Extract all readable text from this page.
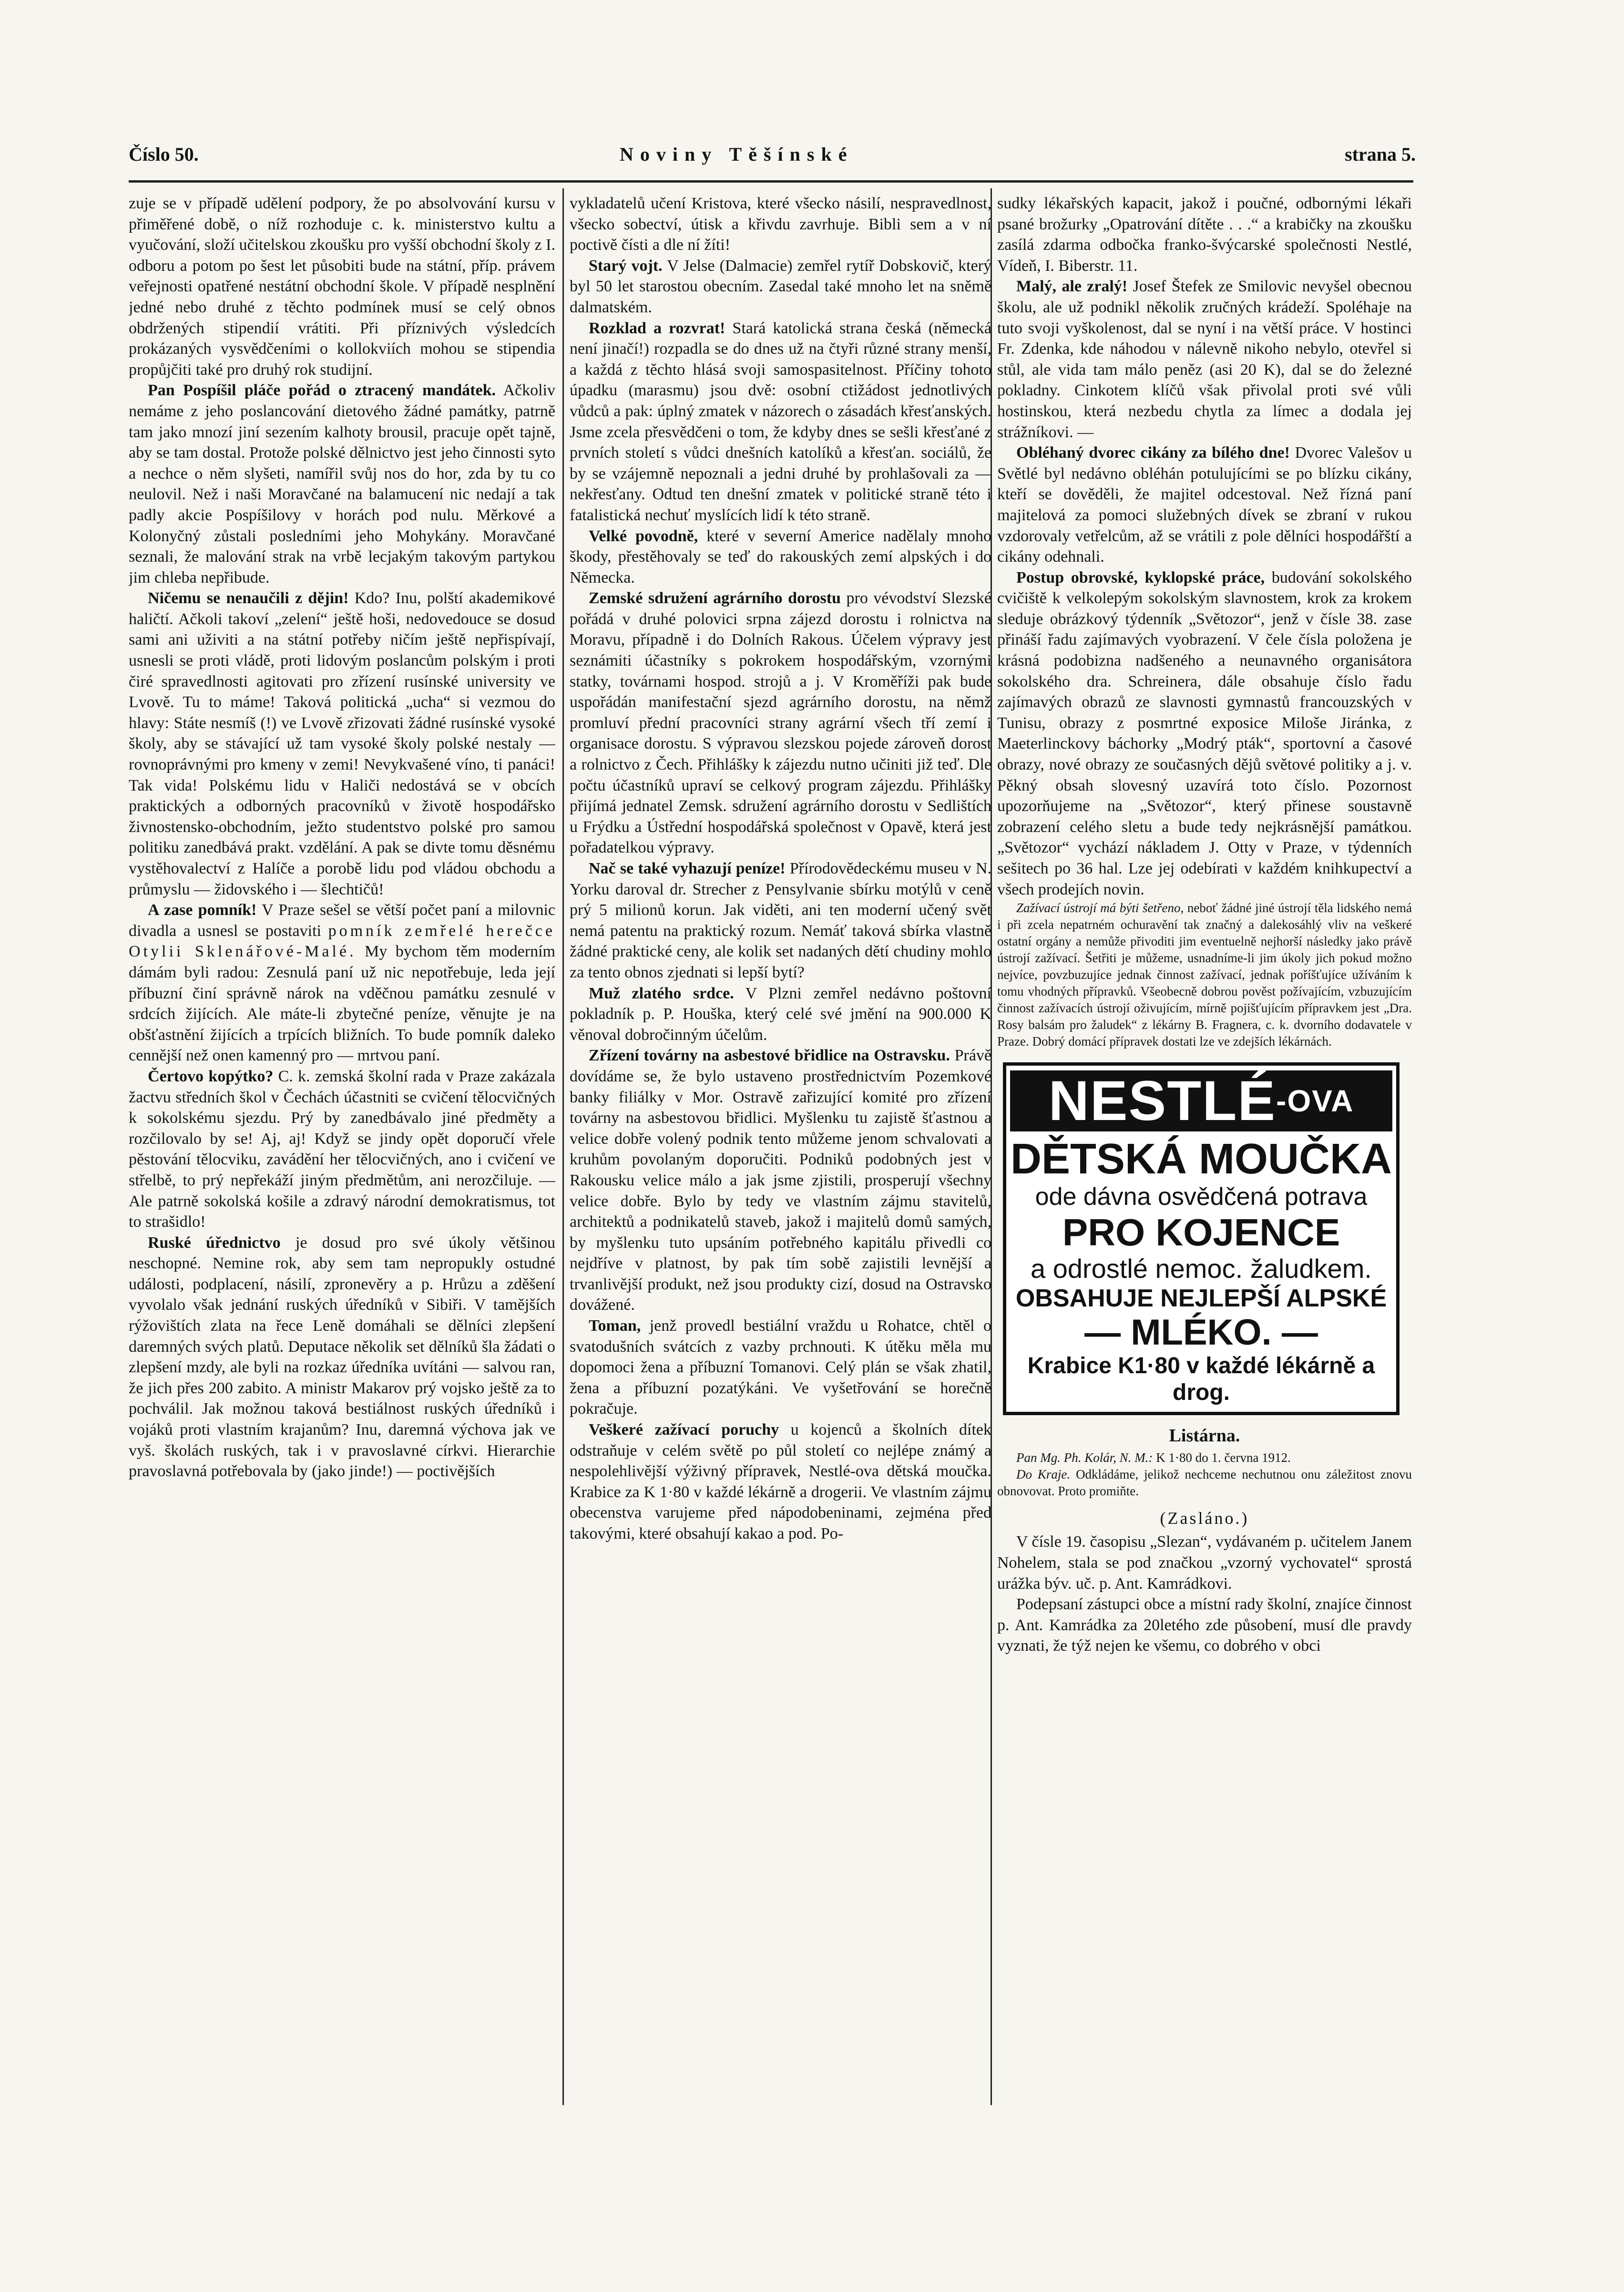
Číslo 50.	Noviny Těšínské	strana 5.

zuje se v případě udělení podpory, že po absolvování kursu v přiměřené době, o níž rozhoduje c. k. ministerstvo kultu a vyučování, složí učitelskou zkoušku pro vyšší obchodní školy z I. odboru a potom po šest let působiti bude na státní, příp. právem veřejnosti opatřené nestátní obchodní škole. V případě nesplnění jedné nebo druhé z těchto podmínek musí se celý obnos obdržených stipendií vrátiti. Při příznivých výsledcích prokázaných vysvědčeními o kollokviích mohou se stipendia propůjčiti také pro druhý rok studijní.

Pan Pospíšil pláče pořád o ztracený mandátek. Ačkoliv nemáme z jeho poslancování dietového žádné památky, patrně tam jako mnozí jiní sezením kalhoty brousil, pracuje opět tajně, aby se tam dostal. Protože polské dělnictvo jest jeho činnosti syto a nechce o něm slyšeti, namířil svůj nos do hor, zda by tu co neulovil. Než i naši Moravčané na balamucení nic nedají a tak padly akcie Pospíšilovy v horách pod nulu. Měrkové a Kolonyčný zůstali posledními jeho Mohykány. Moravčané seznali, že malování strak na vrbě lecjakým takovým partykou jim chleba nepřibude.

Ničemu se nenaučili z dějin! Kdo? Inu, polští akademikové haličtí. Ačkoli takoví „zelení“ ještě hoši, nedovedouce se dosud sami ani uživiti a na státní potřeby ničím ještě nepřispívají, usnesli se proti vládě, proti lidovým poslancům polským i proti čiré spravedlnosti agitovati pro zřízení rusínské university ve Lvově. Tu to máme! Taková politická „ucha“ si vezmou do hlavy: Státe nesmíš (!) ve Lvově zřizovati žádné rusínské vysoké školy, aby se stávající už tam vysoké školy polské nestaly — rovnoprávnými pro kmeny v zemi! Nevykvašené víno, ti panáci! Tak vida! Polskému lidu v Haliči nedostává se v obcích praktických a odborných pracovníků v životě hospodářsko živnostensko-obchodním, ježto studentstvo polské pro samou politiku zanedbává prakt. vzdělání. A pak se divte tomu děsnému vystěhovalectví z Halíče a porobě lidu pod vládou obchodu a průmyslu — židovského i — šlechtičů!

A zase pomník! V Praze sešel se větší počet paní a milovnic divadla a usnesl se postaviti pomník zemřelé herečce Otylii Sklenářové-Malé. My bychom těm moderním dámám byli radou: Zesnulá paní už nic nepotřebuje, leda její příbuzní činí správně nárok na vděčnou památku zesnulé v srdcích žijících. Ale máte-li zbytečné peníze, věnujte je na obšťastnění žijících a trpících bližních. To bude pomník daleko cennější než onen kamenný pro — mrtvou paní.

Čertovo kopýtko? C. k. zemská školní rada v Praze zakázala žactvu středních škol v Čechách účastniti se cvičení tělocvičných k sokolskému sjezdu. Prý by zanedbávalo jiné předměty a rozčilovalo by se! Aj, aj! Když se jindy opět doporučí vřele pěstování tělocviku, zavádění her tělocvičných, ano i cvičení ve střelbě, to prý nepřekáží jiným předmětům, ani nerozčiluje. — Ale patrně sokolská košile a zdravý národní demokratismus, tot to strašidlo!

Ruské úřednictvo je dosud pro své úkoly většinou neschopné. Nemine rok, aby sem tam nepropukly ostudné události, podplacení, násilí, zpronevěry a p. Hrůzu a zděšení vyvolalo však jednání ruských úředníků v Sibiři. V tamějších rýžovištích zlata na řece Leně domáhali se dělníci zlepšení daremných svých platů. Deputace několik set dělníků šla žádati o zlepšení mzdy, ale byli na rozkaz úředníka uvítáni — salvou ran, že jich přes 200 zabito. A ministr Makarov prý vojsko ještě za to pochválil. Jak možnou taková bestiálnost ruských úředníků i vojáků proti vlastním krajanům? Inu, daremná výchova jak ve vyš. školách ruských, tak i v pravoslavné církvi. Hierarchie pravoslavná potřebovala by (jako jinde!) — poctivějších

vykladatelů učení Kristova, které všecko násilí, nespravedlnost, všecko sobectví, útisk a křivdu zavrhuje. Bibli sem a v ní poctivě čísti a dle ní žíti!

Starý vojt. V Jelse (Dalmacie) zemřel rytíř Dobskovič, který byl 50 let starostou obecním. Zasedal také mnoho let na sněmě dalmatském.

Rozklad a rozvrat! Stará katolická strana česká (německá není jinačí!) rozpadla se do dnes už na čtyři různé strany menší, a každá z těchto hlásá svoji samospasitelnost. Příčiny tohoto úpadku (marasmu) jsou dvě: osobní ctižádost jednotlivých vůdců a pak: úplný zmatek v názorech o zásadách křesťanských. Jsme zcela přesvědčeni o tom, že kdyby dnes se sešli křesťané z prvních století s vůdci dnešních katolíků a křesťan. sociálů, že by se vzájemně nepoznali a jedni druhé by prohlašovali za — nekřesťany. Odtud ten dnešní zmatek v politické straně této i fatalistická nechuť myslících lidí k této straně.

Velké povodně, které v severní Americe nadělaly mnoho škody, přestěhovaly se teď do rakouských zemí alpských i do Německa.

Zemské sdružení agrárního dorostu pro vévodství Slezské pořádá v druhé polovici srpna zájezd dorostu i rolnictva na Moravu, případně i do Dolních Rakous. Účelem výpravy jest seznámiti účastníky s pokrokem hospodářským, vzornými statky, továrnami hospod. strojů a j. V Kroměříži pak bude uspořádán manifestační sjezd agrárního dorostu, na němž promluví přední pracovníci strany agrární všech tří zemí i organisace dorostu. S výpravou slezskou pojede zároveň dorost a rolnictvo z Čech. Přihlášky k zájezdu nutno učiniti již teď. Dle počtu účastníků upraví se celkový program zájezdu. Přihlášky přijímá jednatel Zemsk. sdružení agrárního dorostu v Sedlištích u Frýdku a Ústřední hospodářská společnost v Opavě, která jest pořadatelkou výpravy.

Nač se také vyhazují peníze! Přírodovědeckému museu v N. Yorku daroval dr. Strecher z Pensylvanie sbírku motýlů v ceně prý 5 milionů korun. Jak viděti, ani ten moderní učený svět nemá patentu na praktický rozum. Nemáť taková sbírka vlastně žádné praktické ceny, ale kolik set nadaných dětí chudiny mohlo za tento obnos zjednati si lepší bytí?

Muž zlatého srdce. V Plzni zemřel nedávno poštovní pokladník p. P. Houška, který celé své jmění na 900.000 K věnoval dobročinným účelům.

Zřízení továrny na asbestové břidlice na Ostravsku. Právě dovídáme se, že bylo ustaveno prostřednictvím Pozemkové banky filiálky v Mor. Ostravě zařizující komité pro zřízení továrny na asbestovou břidlici. Myšlenku tu zajistě šťastnou a velice dobře volený podnik tento můžeme jenom schvalovati a kruhům povolaným doporučiti. Podniků podobných jest v Rakousku velice málo a jak jsme zjistili, prosperují všechny velice dobře. Bylo by tedy ve vlastním zájmu stavitelů, architektů a podnikatelů staveb, jakož i majitelů domů samých, by myšlenku tuto upsáním potřebného kapitálu přivedli co nejdříve v platnost, by pak tím sobě zajistili levnější a trvanlivější produkt, než jsou produkty cizí, dosud na Ostravsko dovážené.

Toman, jenž provedl bestiální vraždu u Rohatce, chtěl o svatodušních svátcích z vazby prchnouti. K útěku měla mu dopomoci žena a příbuzní Tomanovi. Celý plán se však zhatil, žena a příbuzní pozatýkáni. Ve vyšetřování se horečně pokračuje.

Veškeré zažívací poruchy u kojenců a školních dítek odstraňuje v celém světě po půl století co nejlépe známý a nespolehlivější výživný přípravek, Nestlé-ova dětská moučka. Krabice za K 1·80 v každé lékárně a drogerii. Ve vlastním zájmu obecenstva varujeme před nápodobeninami, zejména před takovými, které obsahují kakao a pod. Po-

sudky lékařských kapacit, jakož i poučné, odbornými lékaři psané brožurky „Opatrování dítěte . . .“ a krabičky na zkoušku zasílá zdarma odbočka franko-švýcarské společnosti Nestlé, Vídeň, I. Biberstr. 11.

Malý, ale zralý! Josef Štefek ze Smilovic nevyšel obecnou školu, ale už podnikl několik zručných krádeží. Spoléhaje na tuto svoji vyškolenost, dal se nyní i na větší práce. V hostinci Fr. Zdenka, kde náhodou v nálevně nikoho nebylo, otevřel si stůl, ale vida tam málo peněz (asi 20 K), dal se do železné pokladny. Cinkotem klíčů však přivolal proti své vůli hostinskou, která nezbedu chytla za límec a dodala jej strážníkovi. —

Obléhaný dvorec cikány za bílého dne! Dvorec Valešov u Světlé byl nedávno obléhán potulujícími se po blízku cikány, kteří se dověděli, že majitel odcestoval. Než řízná paní majitelová za pomoci služebných dívek se zbraní v rukou vzdorovaly vetřelcům, až se vrátili z pole dělníci hospodářští a cikány odehnali.

Postup obrovské, kyklopské práce, budování sokolského cvičiště k velkolepým sokolským slavnostem, krok za krokem sleduje obrázkový týdenník „Světozor“, jenž v čísle 38. zase přináší řadu zajímavých vyobrazení. V čele čísla položena je krásná podobizna nadšeného a neunavného organisátora sokolského dra. Schreinera, dále obsahuje číslo řadu zajímavých obrazů ze slavnosti gymnastů francouzských v Tunisu, obrazy z posmrtné exposice Miloše Jiránka, z Maeterlinckovy báchorky „Modrý pták“, sportovní a časové obrazy, nové obrazy ze současných dějů světové politiky a j. v. Pěkný obsah slovesný uzavírá toto číslo. Pozornost upozorňujeme na „Světozor“, který přinese soustavně zobrazení celého sletu a bude tedy nejkrásnější památkou. „Světozor“ vychází nákladem J. Otty v Praze, v týdenních sešitech po 36 hal. Lze jej odebírati v každém knihkupectví a všech prodejích novin.

Zažívací ústrojí má býti šetřeno, neboť žádné jiné ústrojí těla lidského nemá i při zcela nepatrném ochuravění tak značný a dalekosáhlý vliv na veškeré ostatní orgány a nemůže přivoditi jim eventuelně nejhorší následky jako právě ústrojí zažívací. Šetřiti je můžeme, usnadníme-li jim úkoly jich pokud možno nejvíce, povzbuzujíce jednak činnost zažívací, jednak poříšťujíce užíváním k tomu vhodných přípravků. Všeobecně dobrou pověst požívajícím, vzbuzujícím činnost zažívacích ústrojí oživujícím, mírně pojišťujícím přípravkem jest „Dra. Rosy balsám pro žaludek“ z lékárny B. Fragnera, c. k. dvorního dodavatele v Praze. Dobrý domácí přípravek dostati lze ve zdejších lékárnách.

$NESTLÉ^{-OVA}$
DĚTSKÁ MOUČKA
ode dávna osvědčená potrava
PRO KOJENCE
a odrostlé nemoc. žaludkem.
OBSAHUJE NEJLEPŠÍ ALPSKÉ
— MLÉKO. —
Krabice K1·80 v každé lékárně a drog.
Listárna.

Pan Mg. Ph. Kolár, N. M.: K 1·80 do 1. června 1912.

Do Kraje. Odkládáme, jelikož nechceme nechutnou onu záležitost znovu obnovovat. Proto promiňte.

(Zasláno.)

V čísle 19. časopisu „Slezan“, vydávaném p. učitelem Janem Nohelem, stala se pod značkou „vzorný vychovatel“ sprostá urážka býv. uč. p. Ant. Kamrádkovi.

Podepsaní zástupci obce a místní rady školní, znajíce činnost p. Ant. Kamrádka za 20letého zde působení, musí dle pravdy vyznati, že týž nejen ke všemu, co dobrého v obci
